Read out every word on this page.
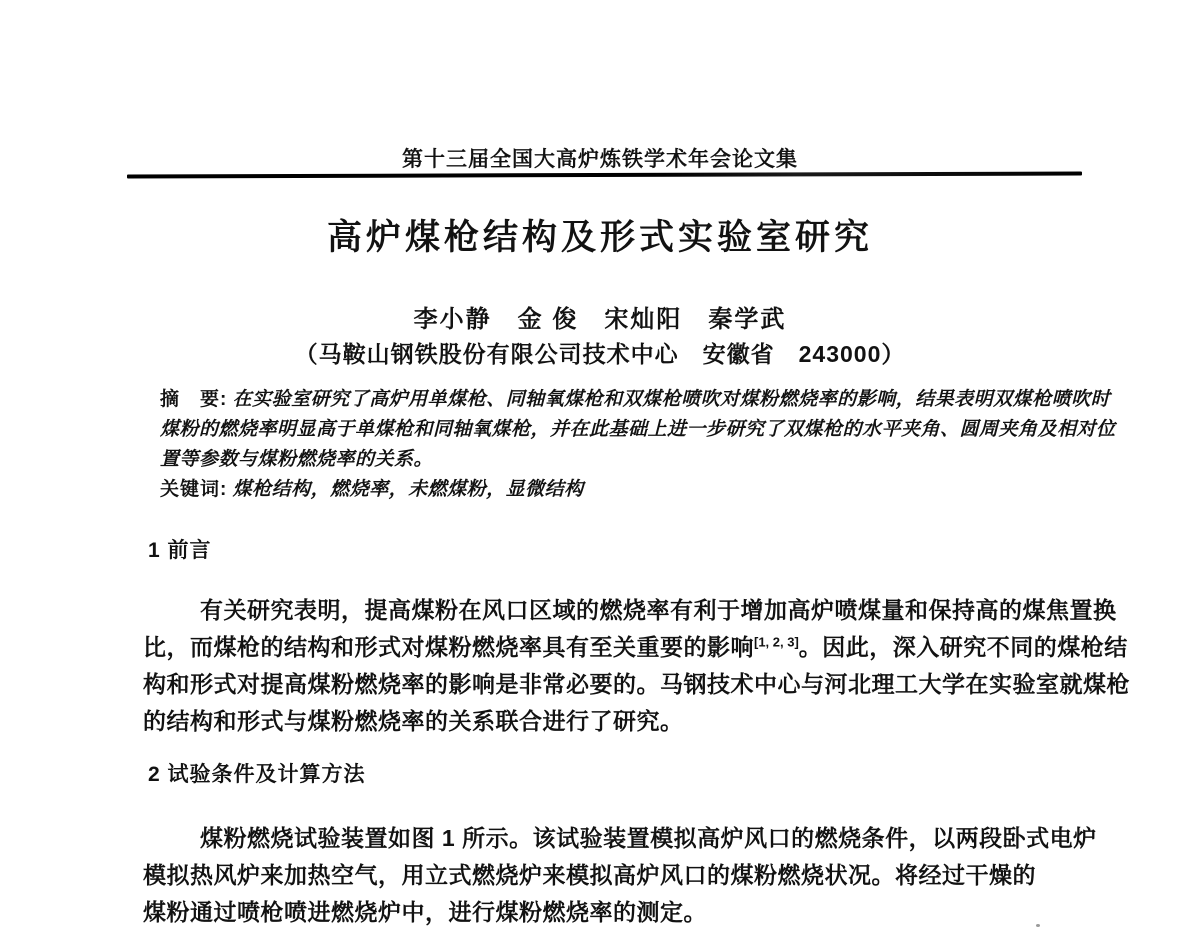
第十三届全国大高炉炼铁学术年会论文集
高炉煤枪结构及形式实验室研究
李小静　金 俊　宋灿阳　秦学武
（马鞍山钢铁股份有限公司技术中心　安徽省　243000）
摘　要: 在实验室研究了高炉用单煤枪、同轴氧煤枪和双煤枪喷吹对煤粉燃烧率的影响，结果表明双煤枪喷吹时
煤粉的燃烧率明显高于单煤枪和同轴氧煤枪，并在此基础上进一步研究了双煤枪的水平夹角、圆周夹角及相对位
置等参数与煤粉燃烧率的关系。
关键词: 煤枪结构，燃烧率，未燃煤粉，显微结构
1 前言
有关研究表明，提高煤粉在风口区域的燃烧率有利于增加高炉喷煤量和保持高的煤焦置换
比，而煤枪的结构和形式对煤粉燃烧率具有至关重要的影响[1, 2, 3]。因此，深入研究不同的煤枪结
构和形式对提高煤粉燃烧率的影响是非常必要的。马钢技术中心与河北理工大学在实验室就煤枪
的结构和形式与煤粉燃烧率的关系联合进行了研究。
2 试验条件及计算方法
煤粉燃烧试验装置如图 1 所示。该试验装置模拟高炉风口的燃烧条件，以两段卧式电炉
模拟热风炉来加热空气，用立式燃烧炉来模拟高炉风口的煤粉燃烧状况。将经过干燥的
煤粉通过喷枪喷进燃烧炉中，进行煤粉燃烧率的测定。
